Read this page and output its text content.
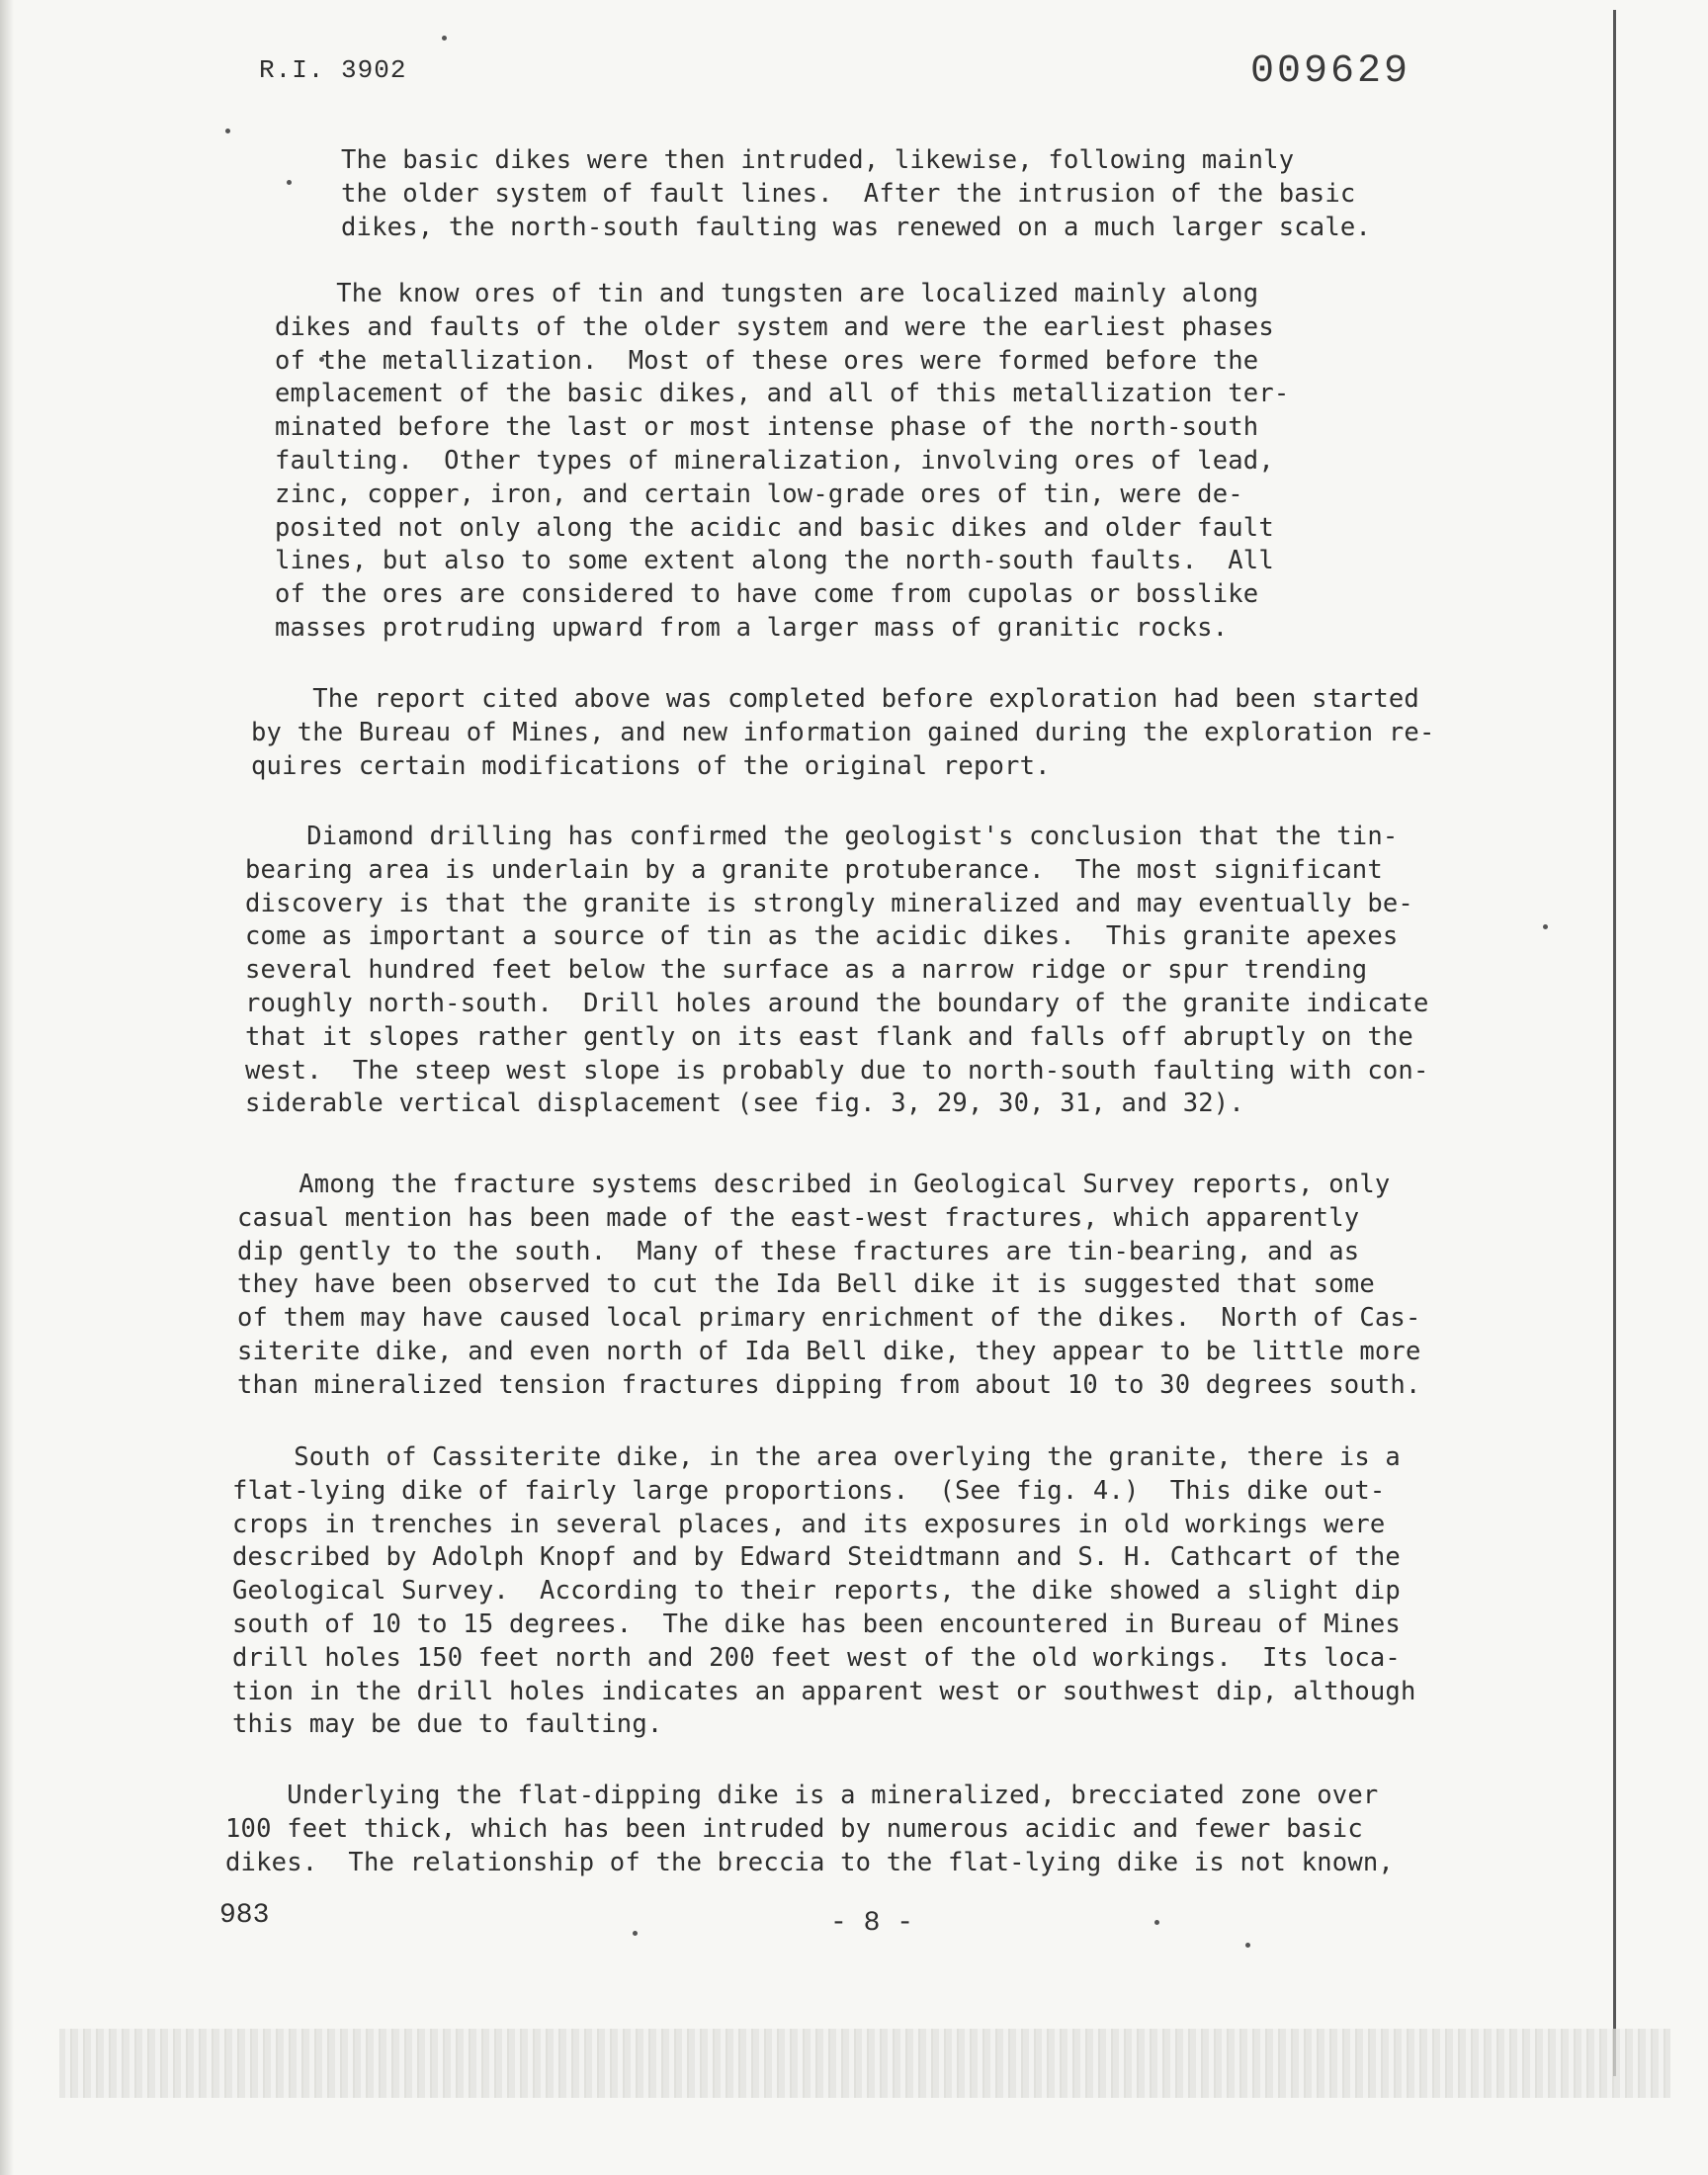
R.I. 3902	009629
The basic dikes were then intruded, likewise, following mainly
the older system of fault lines.  After the intrusion of the basic
dikes, the north-south faulting was renewed on a much larger scale.
The know ores of tin and tungsten are localized mainly along
dikes and faults of the older system and were the earliest phases
of the metallization.  Most of these ores were formed before the
emplacement of the basic dikes, and all of this metallization ter-
minated before the last or most intense phase of the north-south
faulting.  Other types of mineralization, involving ores of lead,
zinc, copper, iron, and certain low-grade ores of tin, were de-
posited not only along the acidic and basic dikes and older fault
lines, but also to some extent along the north-south faults.  All
of the ores are considered to have come from cupolas or bosslike
masses protruding upward from a larger mass of granitic rocks.
The report cited above was completed before exploration had been started
by the Bureau of Mines, and new information gained during the exploration re-
quires certain modifications of the original report.
Diamond drilling has confirmed the geologist's conclusion that the tin-
bearing area is underlain by a granite protuberance.  The most significant
discovery is that the granite is strongly mineralized and may eventually be-
come as important a source of tin as the acidic dikes.  This granite apexes
several hundred feet below the surface as a narrow ridge or spur trending
roughly north-south.  Drill holes around the boundary of the granite indicate
that it slopes rather gently on its east flank and falls off abruptly on the
west.  The steep west slope is probably due to north-south faulting with con-
siderable vertical displacement (see fig. 3, 29, 30, 31, and 32).
Among the fracture systems described in Geological Survey reports, only
casual mention has been made of the east-west fractures, which apparently
dip gently to the south.  Many of these fractures are tin-bearing, and as
they have been observed to cut the Ida Bell dike it is suggested that some
of them may have caused local primary enrichment of the dikes.  North of Cas-
siterite dike, and even north of Ida Bell dike, they appear to be little more
than mineralized tension fractures dipping from about 10 to 30 degrees south.
South of Cassiterite dike, in the area overlying the granite, there is a
flat-lying dike of fairly large proportions.  (See fig. 4.)  This dike out-
crops in trenches in several places, and its exposures in old workings were
described by Adolph Knopf and by Edward Steidtmann and S. H. Cathcart of the
Geological Survey.  According to their reports, the dike showed a slight dip
south of 10 to 15 degrees.  The dike has been encountered in Bureau of Mines
drill holes 150 feet north and 200 feet west of the old workings.  Its loca-
tion in the drill holes indicates an apparent west or southwest dip, although
this may be due to faulting.
Underlying the flat-dipping dike is a mineralized, brecciated zone over
100 feet thick, which has been intruded by numerous acidic and fewer basic
dikes.  The relationship of the breccia to the flat-lying dike is not known,
983	- 8 -
